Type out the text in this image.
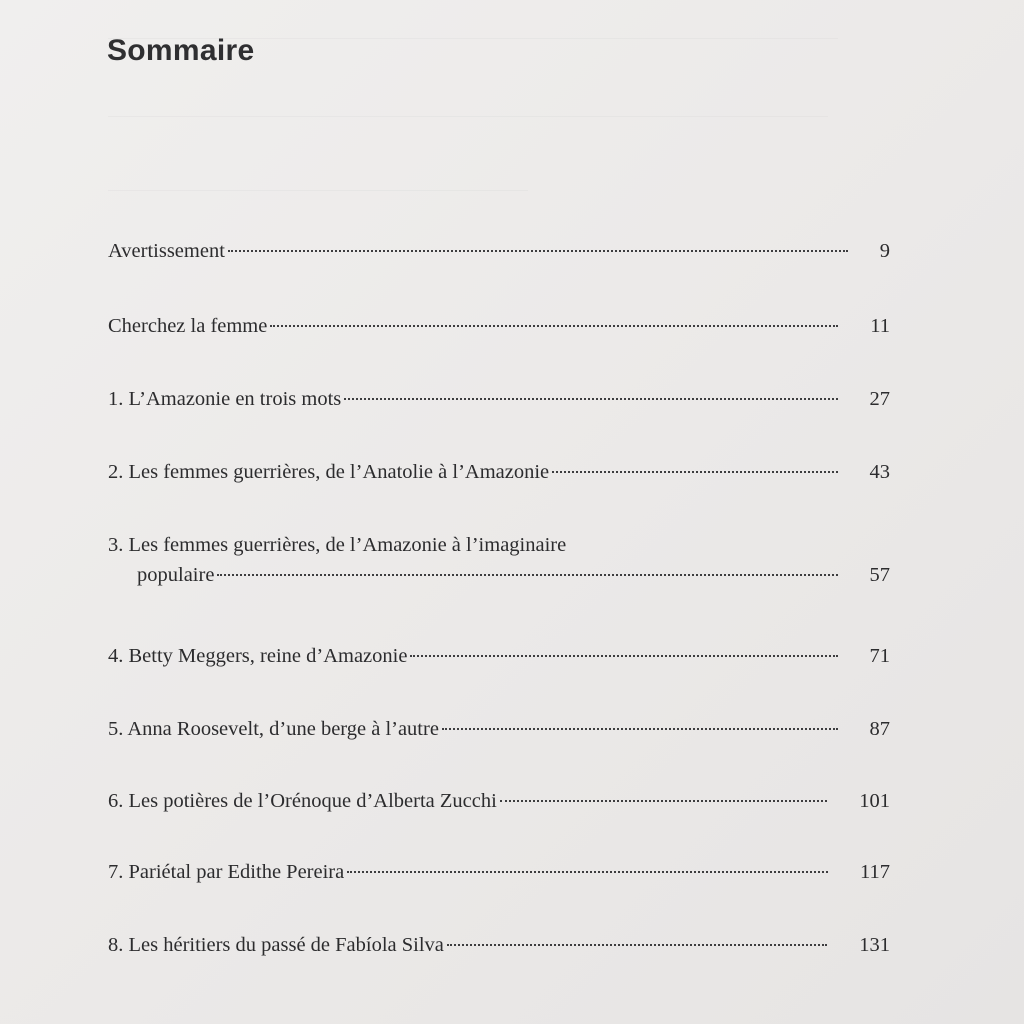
Sommaire
Avertissement	9
Cherchez la femme	11
1. L’Amazonie en trois mots	27
2. Les femmes guerrières, de l’Anatolie à l’Amazonie	43
3. Les femmes guerrières, de l’Amazonie à l’imaginaire
populaire	57
4. Betty Meggers, reine d’Amazonie	71
5. Anna Roosevelt, d’une berge à l’autre	87
6. Les potières de l’Orénoque d’Alberta Zucchi	101
7. Pariétal par Edithe Pereira	117
8. Les héritiers du passé de Fabíola Silva	131
